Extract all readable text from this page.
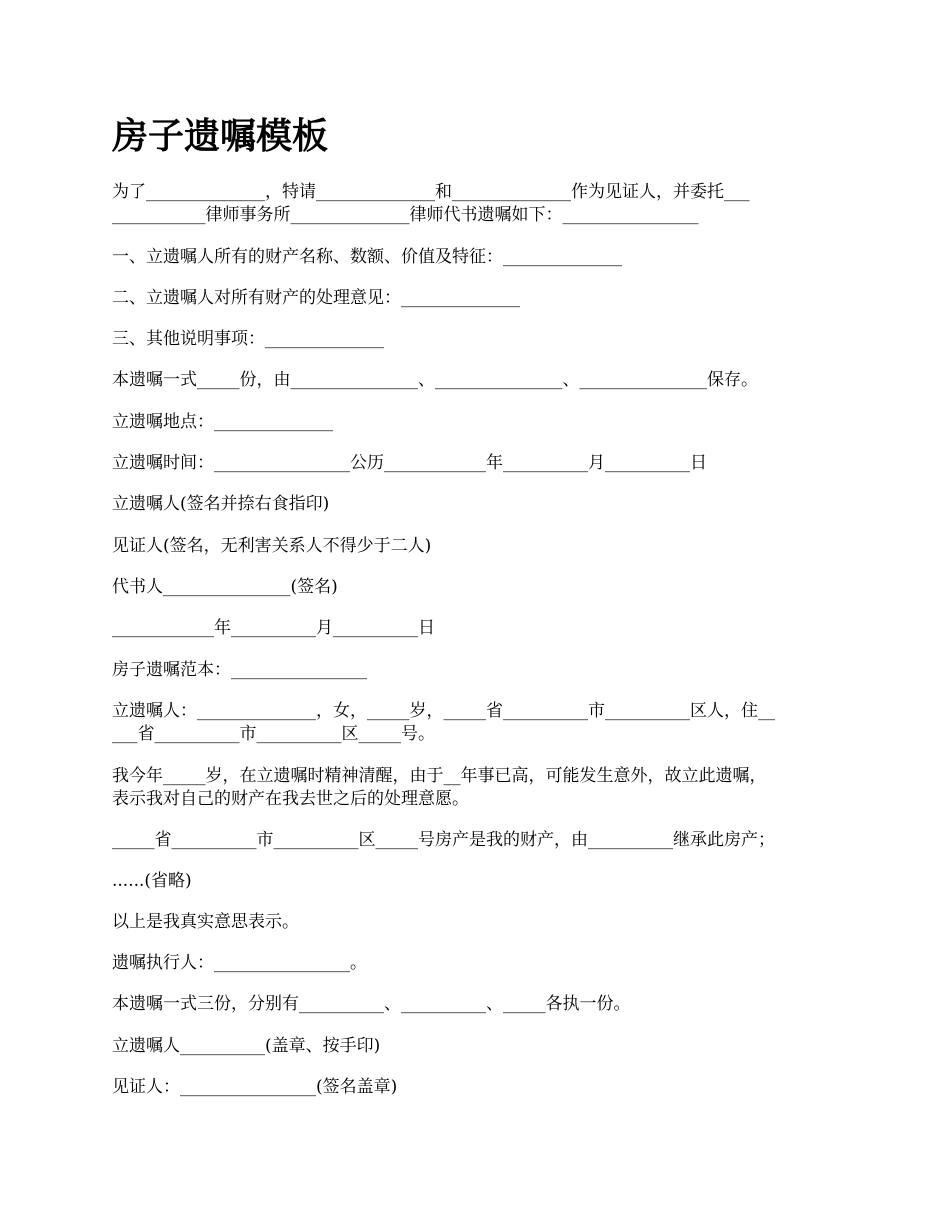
房子遗嘱模板

为了______________，特请______________和______________作为见证人，并委托___

___________律师事务所______________律师代书遗嘱如下：________________

一、立遗嘱人所有的财产名称、数额、价值及特征：______________

二、立遗嘱人对所有财产的处理意见：______________

三、其他说明事项：______________

本遗嘱一式_____份，由_______________、_______________、_______________保存。

立遗嘱地点：______________

立遗嘱时间：________________公历____________年__________月__________日

立遗嘱人(签名并捺右食指印)

见证人(签名，无利害关系人不得少于二人)

代书人_______________(签名)

____________年__________月__________日

房子遗嘱范本：________________

立遗嘱人：______________，女，_____岁，_____省__________市__________区人，住__

___省__________市__________区_____号。

我今年_____岁，在立遗嘱时精神清醒，由于__年事已高，可能发生意外，故立此遗嘱，

表示我对自己的财产在我去世之后的处理意愿。

_____省__________市__________区_____号房产是我的财产，由__________继承此房产；

......(省略)

以上是我真实意思表示。

遗嘱执行人：________________。

本遗嘱一式三份，分别有__________、__________、_____各执一份。

立遗嘱人__________(盖章、按手印)

见证人：________________(签名盖章)
